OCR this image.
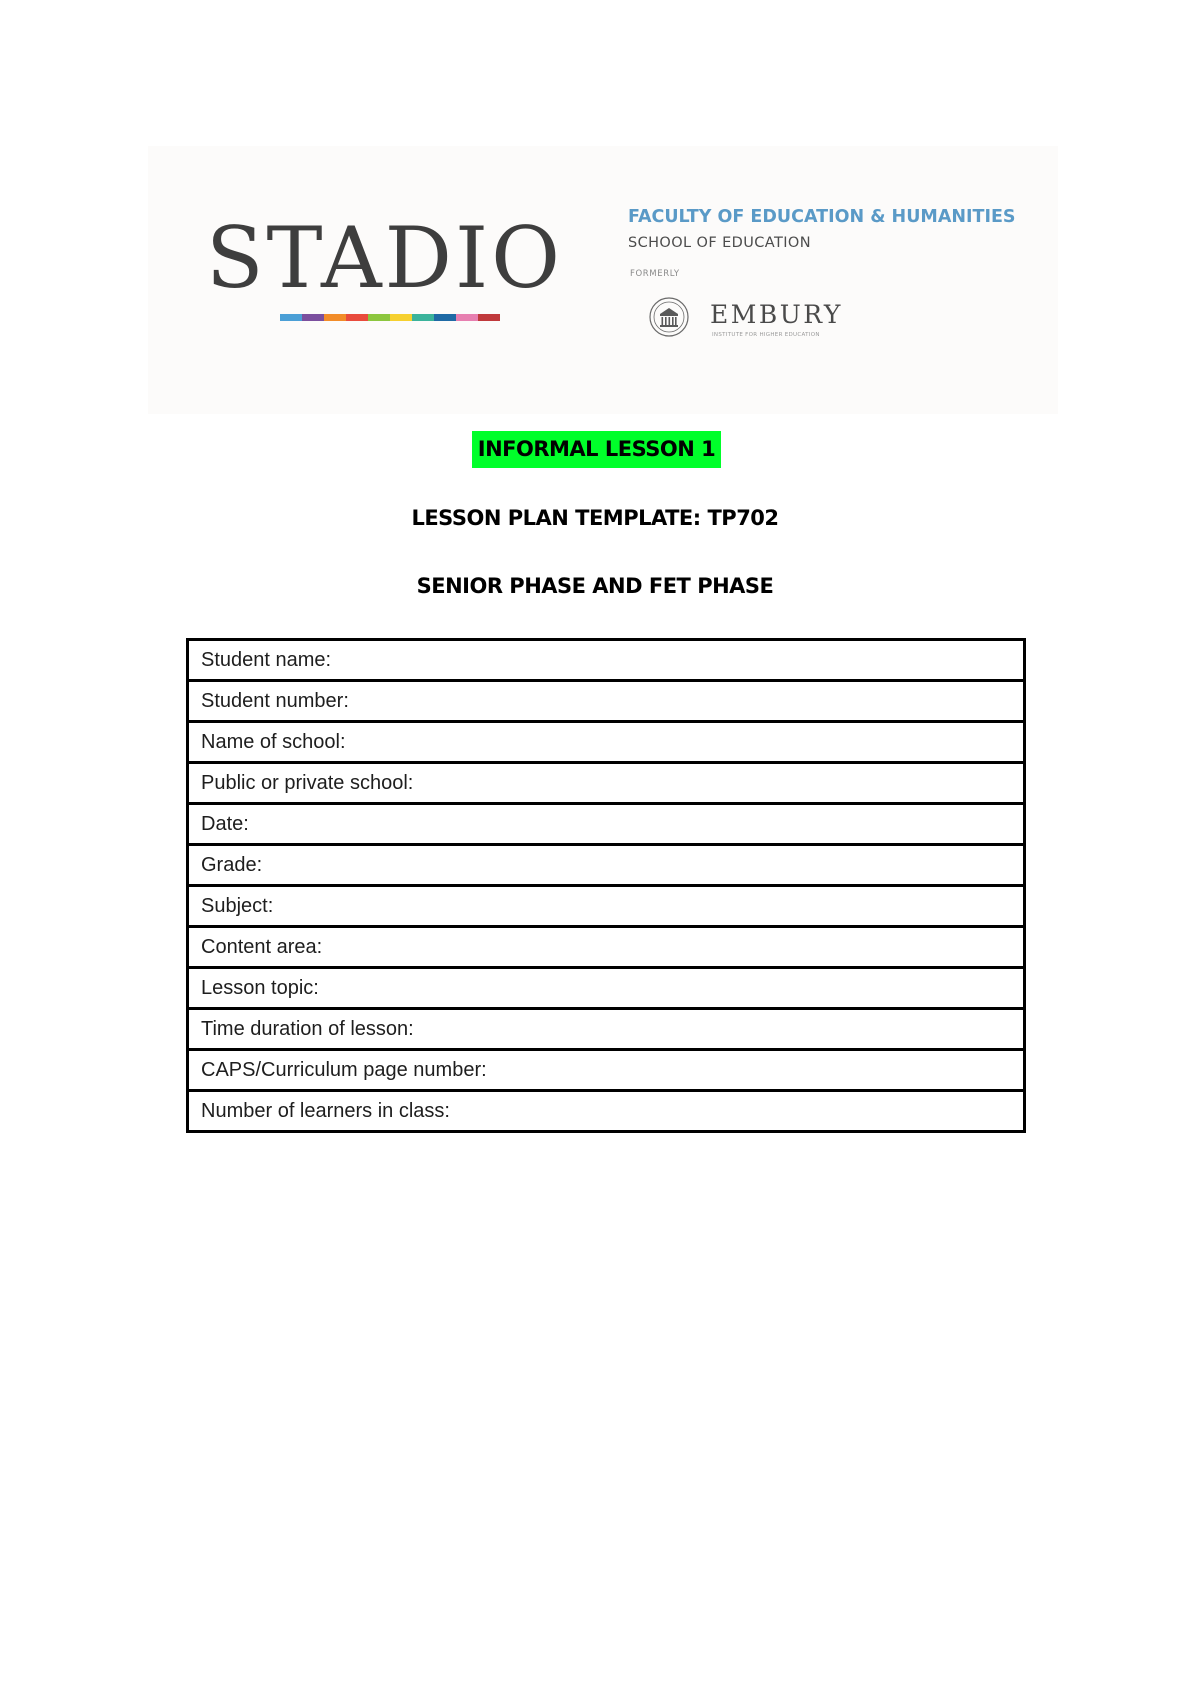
STADIO	FACULTY OF EDUCATION & HUMANITIES
SCHOOL OF EDUCATION
FORMERLY
EMBURY
INSTITUTE FOR HIGHER EDUCATION
INFORMAL LESSON 1
LESSON PLAN TEMPLATE: TP702
SENIOR PHASE AND FET PHASE
Student name:
Student number:
Name of school:
Public or private school:
Date:
Grade:
Subject:
Content area:
Lesson topic:
Time duration of lesson:
CAPS/Curriculum page number:
Number of learners in class:
